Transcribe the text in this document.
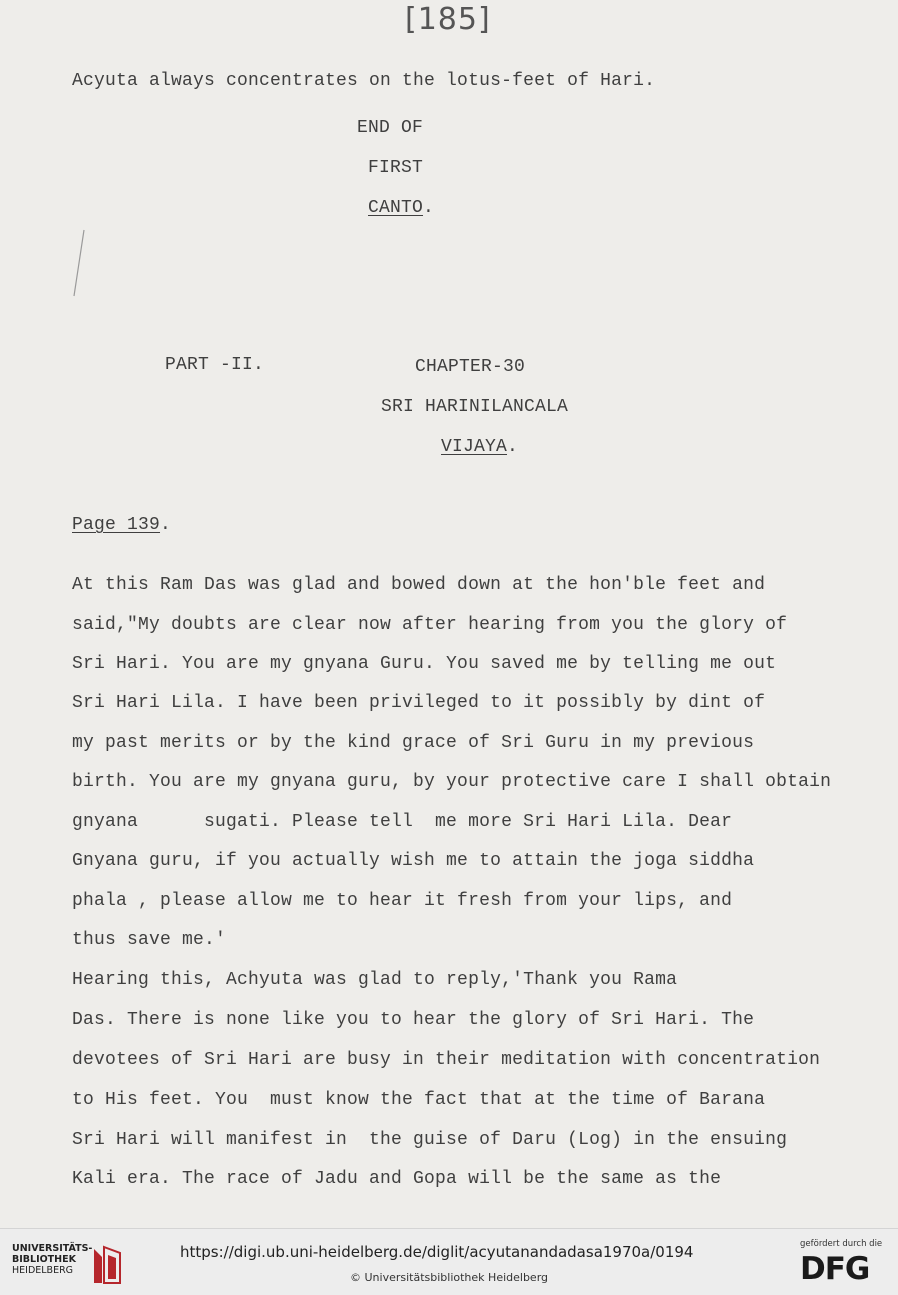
[185]
Acyuta always concentrates on the lotus-feet of Hari.
END OF
FIRST
CANTO.
PART -II.	CHAPTER-30
SRI HARINILANCALA
VIJAYA.
Page 139.
At this Ram Das was glad and bowed down at the hon'ble feet and
said,"My doubts are clear now after hearing from you the glory of
Sri Hari. You are my gnyana Guru. You saved me by telling me out
Sri Hari Lila. I have been privileged to it possibly by dint of
my past merits or by the kind grace of Sri Guru in my previous
birth. You are my gnyana guru, by your protective care I shall obtain
gnyana      sugati. Please tell  me more Sri Hari Lila. Dear
Gnyana guru, if you actually wish me to attain the joga siddha
phala , please allow me to hear it fresh from your lips, and
thus save me.'
Hearing this, Achyuta was glad to reply,'Thank you Rama
Das. There is none like you to hear the glory of Sri Hari. The
devotees of Sri Hari are busy in their meditation with concentration
to His feet. You  must know the fact that at the time of Barana
Sri Hari will manifest in  the guise of Daru (Log) in the ensuing
Kali era. The race of Jadu and Gopa will be the same as the
UNIVERSITÄTS-
BIBLIOTHEK
HEIDELBERG
https://digi.ub.uni-heidelberg.de/diglit/acyutanandadasa1970a/0194
© Universitätsbibliothek Heidelberg
gefördert durch die
DFG
